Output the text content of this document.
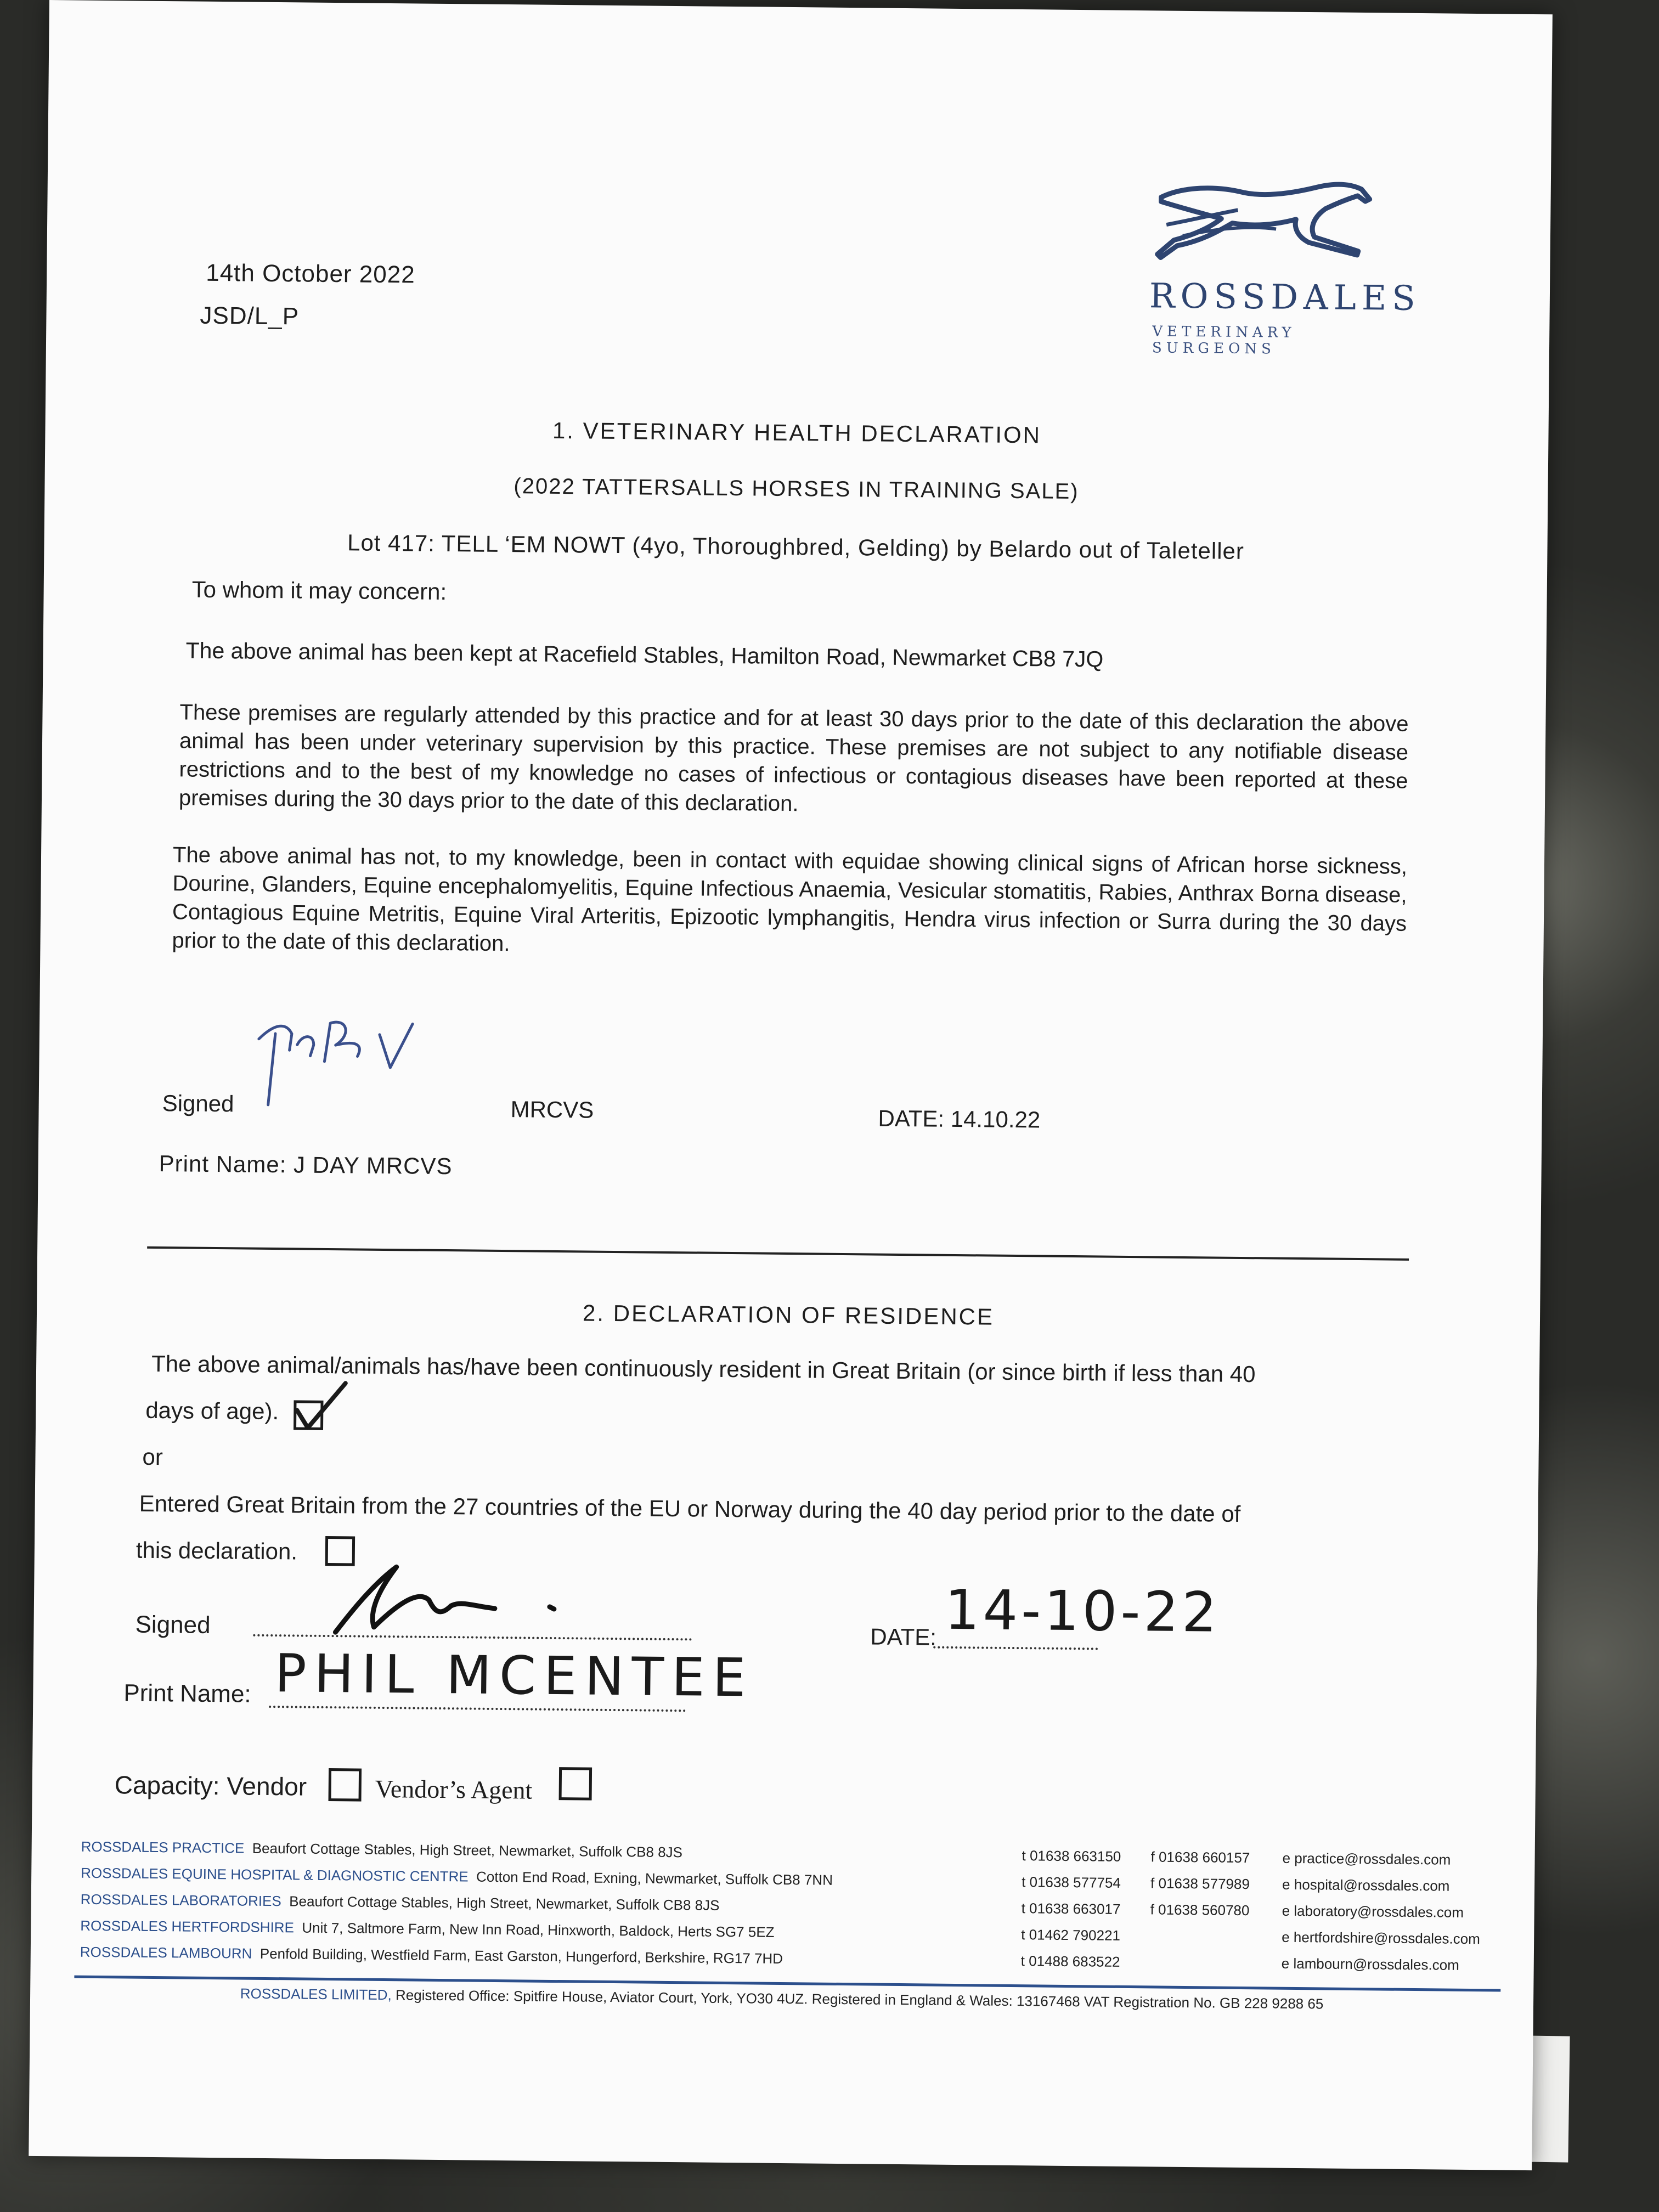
14th October 2022
JSD/L_P	ROSSDALES
VETERINARY SURGEONS
1. VETERINARY HEALTH DECLARATION
(2022 TATTERSALLS HORSES IN TRAINING SALE)
Lot 417: TELL ‘EM NOWT (4yo, Thoroughbred, Gelding) by Belardo out of Taleteller
To whom it may concern:
The above animal has been kept at Racefield Stables, Hamilton Road, Newmarket CB8 7JQ
These premises are regularly attended by this practice and for at least 30 days prior to the date of this declaration the above animal has been under veterinary supervision by this practice. These premises are not subject to any notifiable disease restrictions and to the best of my knowledge no cases of infectious or contagious diseases have been reported at these premises during the 30 days prior to the date of this declaration.
The above animal has not, to my knowledge, been in contact with equidae showing clinical signs of African horse sickness, Dourine, Glanders, Equine encephalomyelitis, Equine Infectious Anaemia, Vesicular stomatitis, Rabies, Anthrax Borna disease, Contagious Equine Metritis, Equine Viral Arteritis, Epizootic lymphangitis, Hendra virus infection or Surra during the 30 days prior to the date of this declaration.
Signed	MRCVS	DATE: 14.10.22
Print Name: J DAY MRCVS
2. DECLARATION OF RESIDENCE
The above animal/animals has/have been continuously resident in Great Britain (or since birth if less than 40
days of age).
or
Entered Great Britain from the 27 countries of the EU or Norway during the 40 day period prior to the date of
this declaration.
Signed	DATE: 14-10-22
Print Name: PHIL MCENTEE
Capacity: Vendor	Vendor’s Agent
ROSSDALES PRACTICE Beaufort Cottage Stables, High Street, Newmarket, Suffolk CB8 8JS	t 01638 663150 f 01638 660157 e practice@rossdales.com
ROSSDALES EQUINE HOSPITAL & DIAGNOSTIC CENTRE Cotton End Road, Exning, Newmarket, Suffolk CB8 7NN	t 01638 577754 f 01638 577989 e hospital@rossdales.com
ROSSDALES LABORATORIES Beaufort Cottage Stables, High Street, Newmarket, Suffolk CB8 8JS	t 01638 663017 f 01638 560780 e laboratory@rossdales.com
ROSSDALES HERTFORDSHIRE Unit 7, Saltmore Farm, New Inn Road, Hinxworth, Baldock, Herts SG7 5EZ	t 01462 790221	e hertfordshire@rossdales.com
ROSSDALES LAMBOURN Penfold Building, Westfield Farm, East Garston, Hungerford, Berkshire, RG17 7HD	t 01488 683522	e lambourn@rossdales.com
ROSSDALES LIMITED, Registered Office: Spitfire House, Aviator Court, York, YO30 4UZ. Registered in England & Wales: 13167468 VAT Registration No. GB 228 9288 65
